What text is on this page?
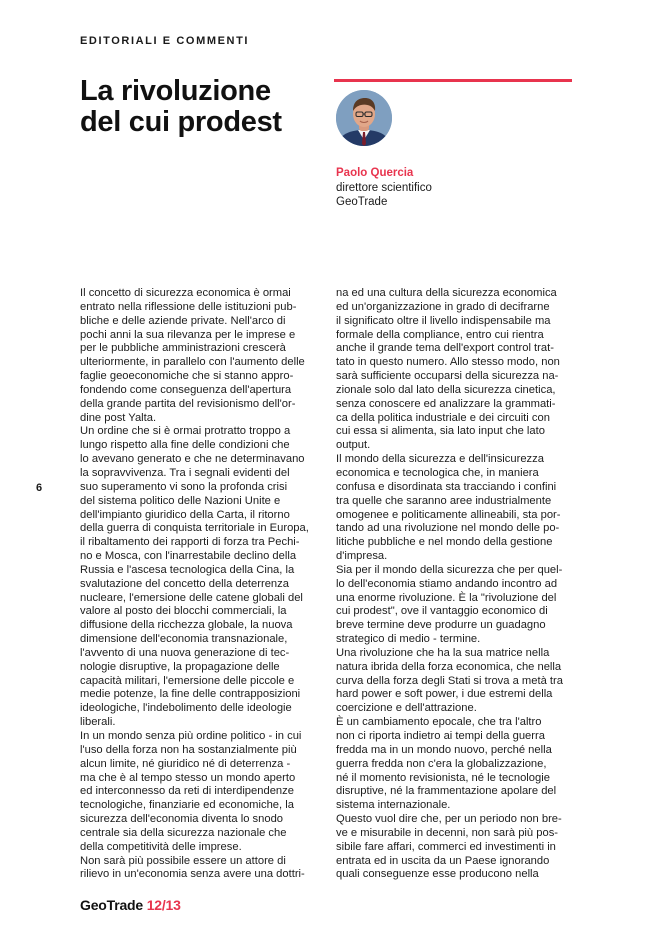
EDITORIALI E COMMENTI
La rivoluzione
del cui prodest
Paolo Quercia
direttore scientifico
GeoTrade
6

Il concetto di sicurezza economica è ormai
entrato nella riflessione delle istituzioni pub-
bliche e delle aziende private. Nell'arco di
pochi anni la sua rilevanza per le imprese e
per le pubbliche amministrazioni crescerà
ulteriormente, in parallelo con l'aumento delle
faglie geoeconomiche che si stanno appro-
fondendo come conseguenza dell'apertura
della grande partita del revisionismo dell'or-
dine post Yalta.
Un ordine che si è ormai protratto troppo a
lungo rispetto alla fine delle condizioni che
lo avevano generato e che ne determinavano
la sopravvivenza. Tra i segnali evidenti del
suo superamento vi sono la profonda crisi
del sistema politico delle Nazioni Unite e
dell'impianto giuridico della Carta, il ritorno
della guerra di conquista territoriale in Europa,
il ribaltamento dei rapporti di forza tra Pechi-
no e Mosca, con l'inarrestabile declino della
Russia e l'ascesa tecnologica della Cina, la
svalutazione del concetto della deterrenza
nucleare, l'emersione delle catene globali del
valore al posto dei blocchi commerciali, la
diffusione della ricchezza globale, la nuova
dimensione dell'economia transnazionale,
l'avvento di una nuova generazione di tec-
nologie disruptive, la propagazione delle
capacità militari, l'emersione delle piccole e
medie potenze, la fine delle contrapposizioni
ideologiche, l'indebolimento delle ideologie
liberali.
In un mondo senza più ordine politico - in cui
l'uso della forza non ha sostanzialmente più
alcun limite, né giuridico né di deterrenza -
ma che è al tempo stesso un mondo aperto
ed interconnesso da reti di interdipendenze
tecnologiche, finanziarie ed economiche, la
sicurezza dell'economia diventa lo snodo
centrale sia della sicurezza nazionale che
della competitività delle imprese.
Non sarà più possibile essere un attore di
rilievo in un'economia senza avere una dottri-

na ed una cultura della sicurezza economica
ed un'organizzazione in grado di decifrarne
il significato oltre il livello indispensabile ma
formale della compliance, entro cui rientra
anche il grande tema dell'export control trat-
tato in questo numero. Allo stesso modo, non
sarà sufficiente occuparsi della sicurezza na-
zionale solo dal lato della sicurezza cinetica,
senza conoscere ed analizzare la grammati-
ca della politica industriale e dei circuiti con
cui essa si alimenta, sia lato input che lato
output.
Il mondo della sicurezza e dell'insicurezza
economica e tecnologica che, in maniera
confusa e disordinata sta tracciando i confini
tra quelle che saranno aree industrialmente
omogenee e politicamente allineabili, sta por-
tando ad una rivoluzione nel mondo delle po-
litiche pubbliche e nel mondo della gestione
d'impresa.
Sia per il mondo della sicurezza che per quel-
lo dell'economia stiamo andando incontro ad
una enorme rivoluzione. È la "rivoluzione del
cui prodest", ove il vantaggio economico di
breve termine deve produrre un guadagno
strategico di medio - termine.
Una rivoluzione che ha la sua matrice nella
natura ibrida della forza economica, che nella
curva della forza degli Stati si trova a metà tra
hard power e soft power, i due estremi della
coercizione e dell'attrazione.
È un cambiamento epocale, che tra l'altro
non ci riporta indietro ai tempi della guerra
fredda ma in un mondo nuovo, perché nella
guerra fredda non c'era la globalizzazione,
né il momento revisionista, né le tecnologie
disruptive, né la frammentazione apolare del
sistema internazionale.
Questo vuol dire che, per un periodo non bre-
ve e misurabile in decenni, non sarà più pos-
sibile fare affari, commerci ed investimenti in
entrata ed in uscita da un Paese ignorando
quali conseguenze esse producono nella

GeoTrade 12/13
